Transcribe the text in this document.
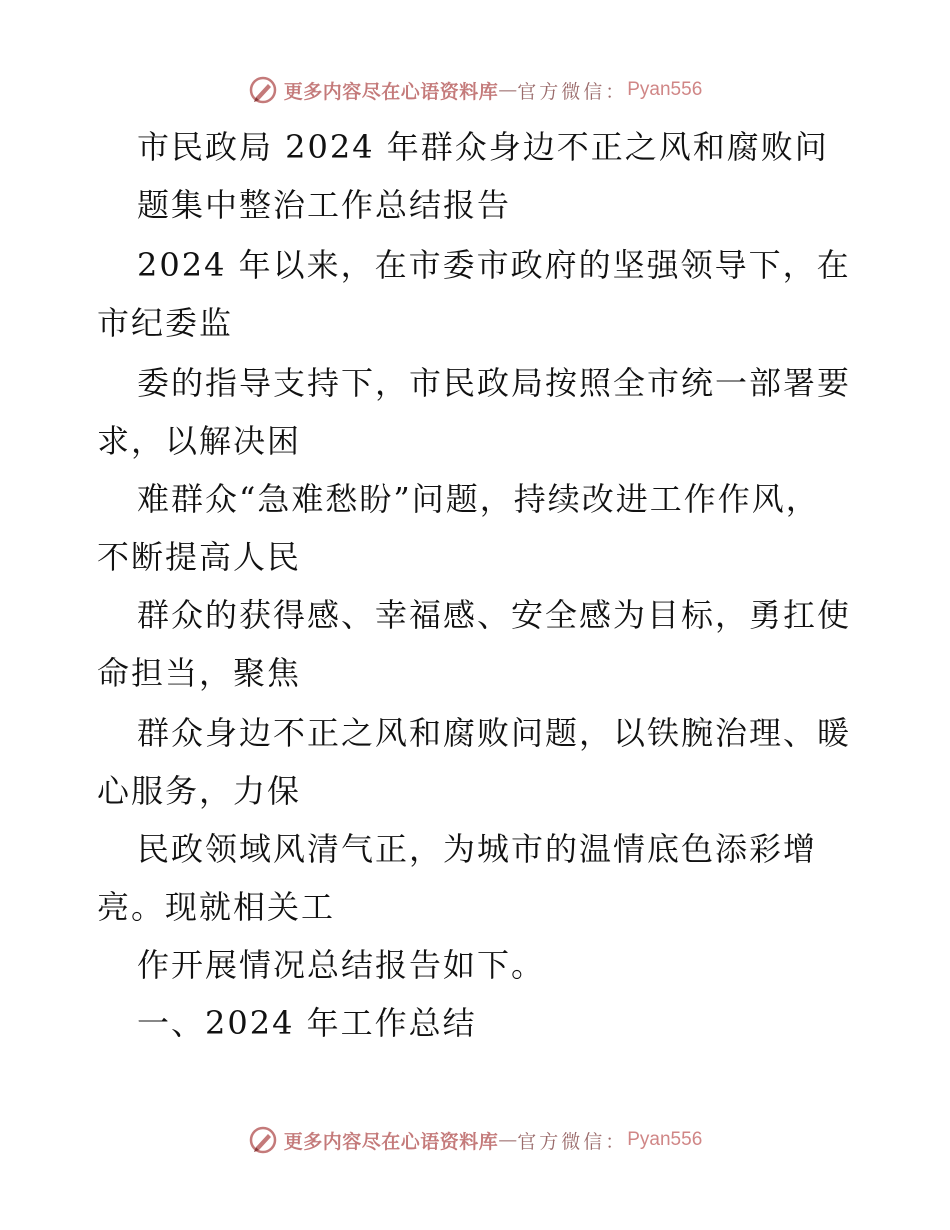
更多内容尽在心语资料库 — 官方微信： Pyan556
市民政局 2024 年群众身边不正之风和腐败问
题集中整治工作总结报告
2024 年以来，在市委市政府的坚强领导下，在
市纪委监
委的指导支持下，市民政局按照全市统一部署要
求，以解决困
难群众“急难愁盼”问题，持续改进工作作风，
不断提高人民
群众的获得感、幸福感、安全感为目标，勇扛使
命担当，聚焦
群众身边不正之风和腐败问题，以铁腕治理、暖
心服务，力保
民政领域风清气正，为城市的温情底色添彩增
亮。现就相关工
作开展情况总结报告如下。
一、2024 年工作总结
更多内容尽在心语资料库 — 官方微信： Pyan556
